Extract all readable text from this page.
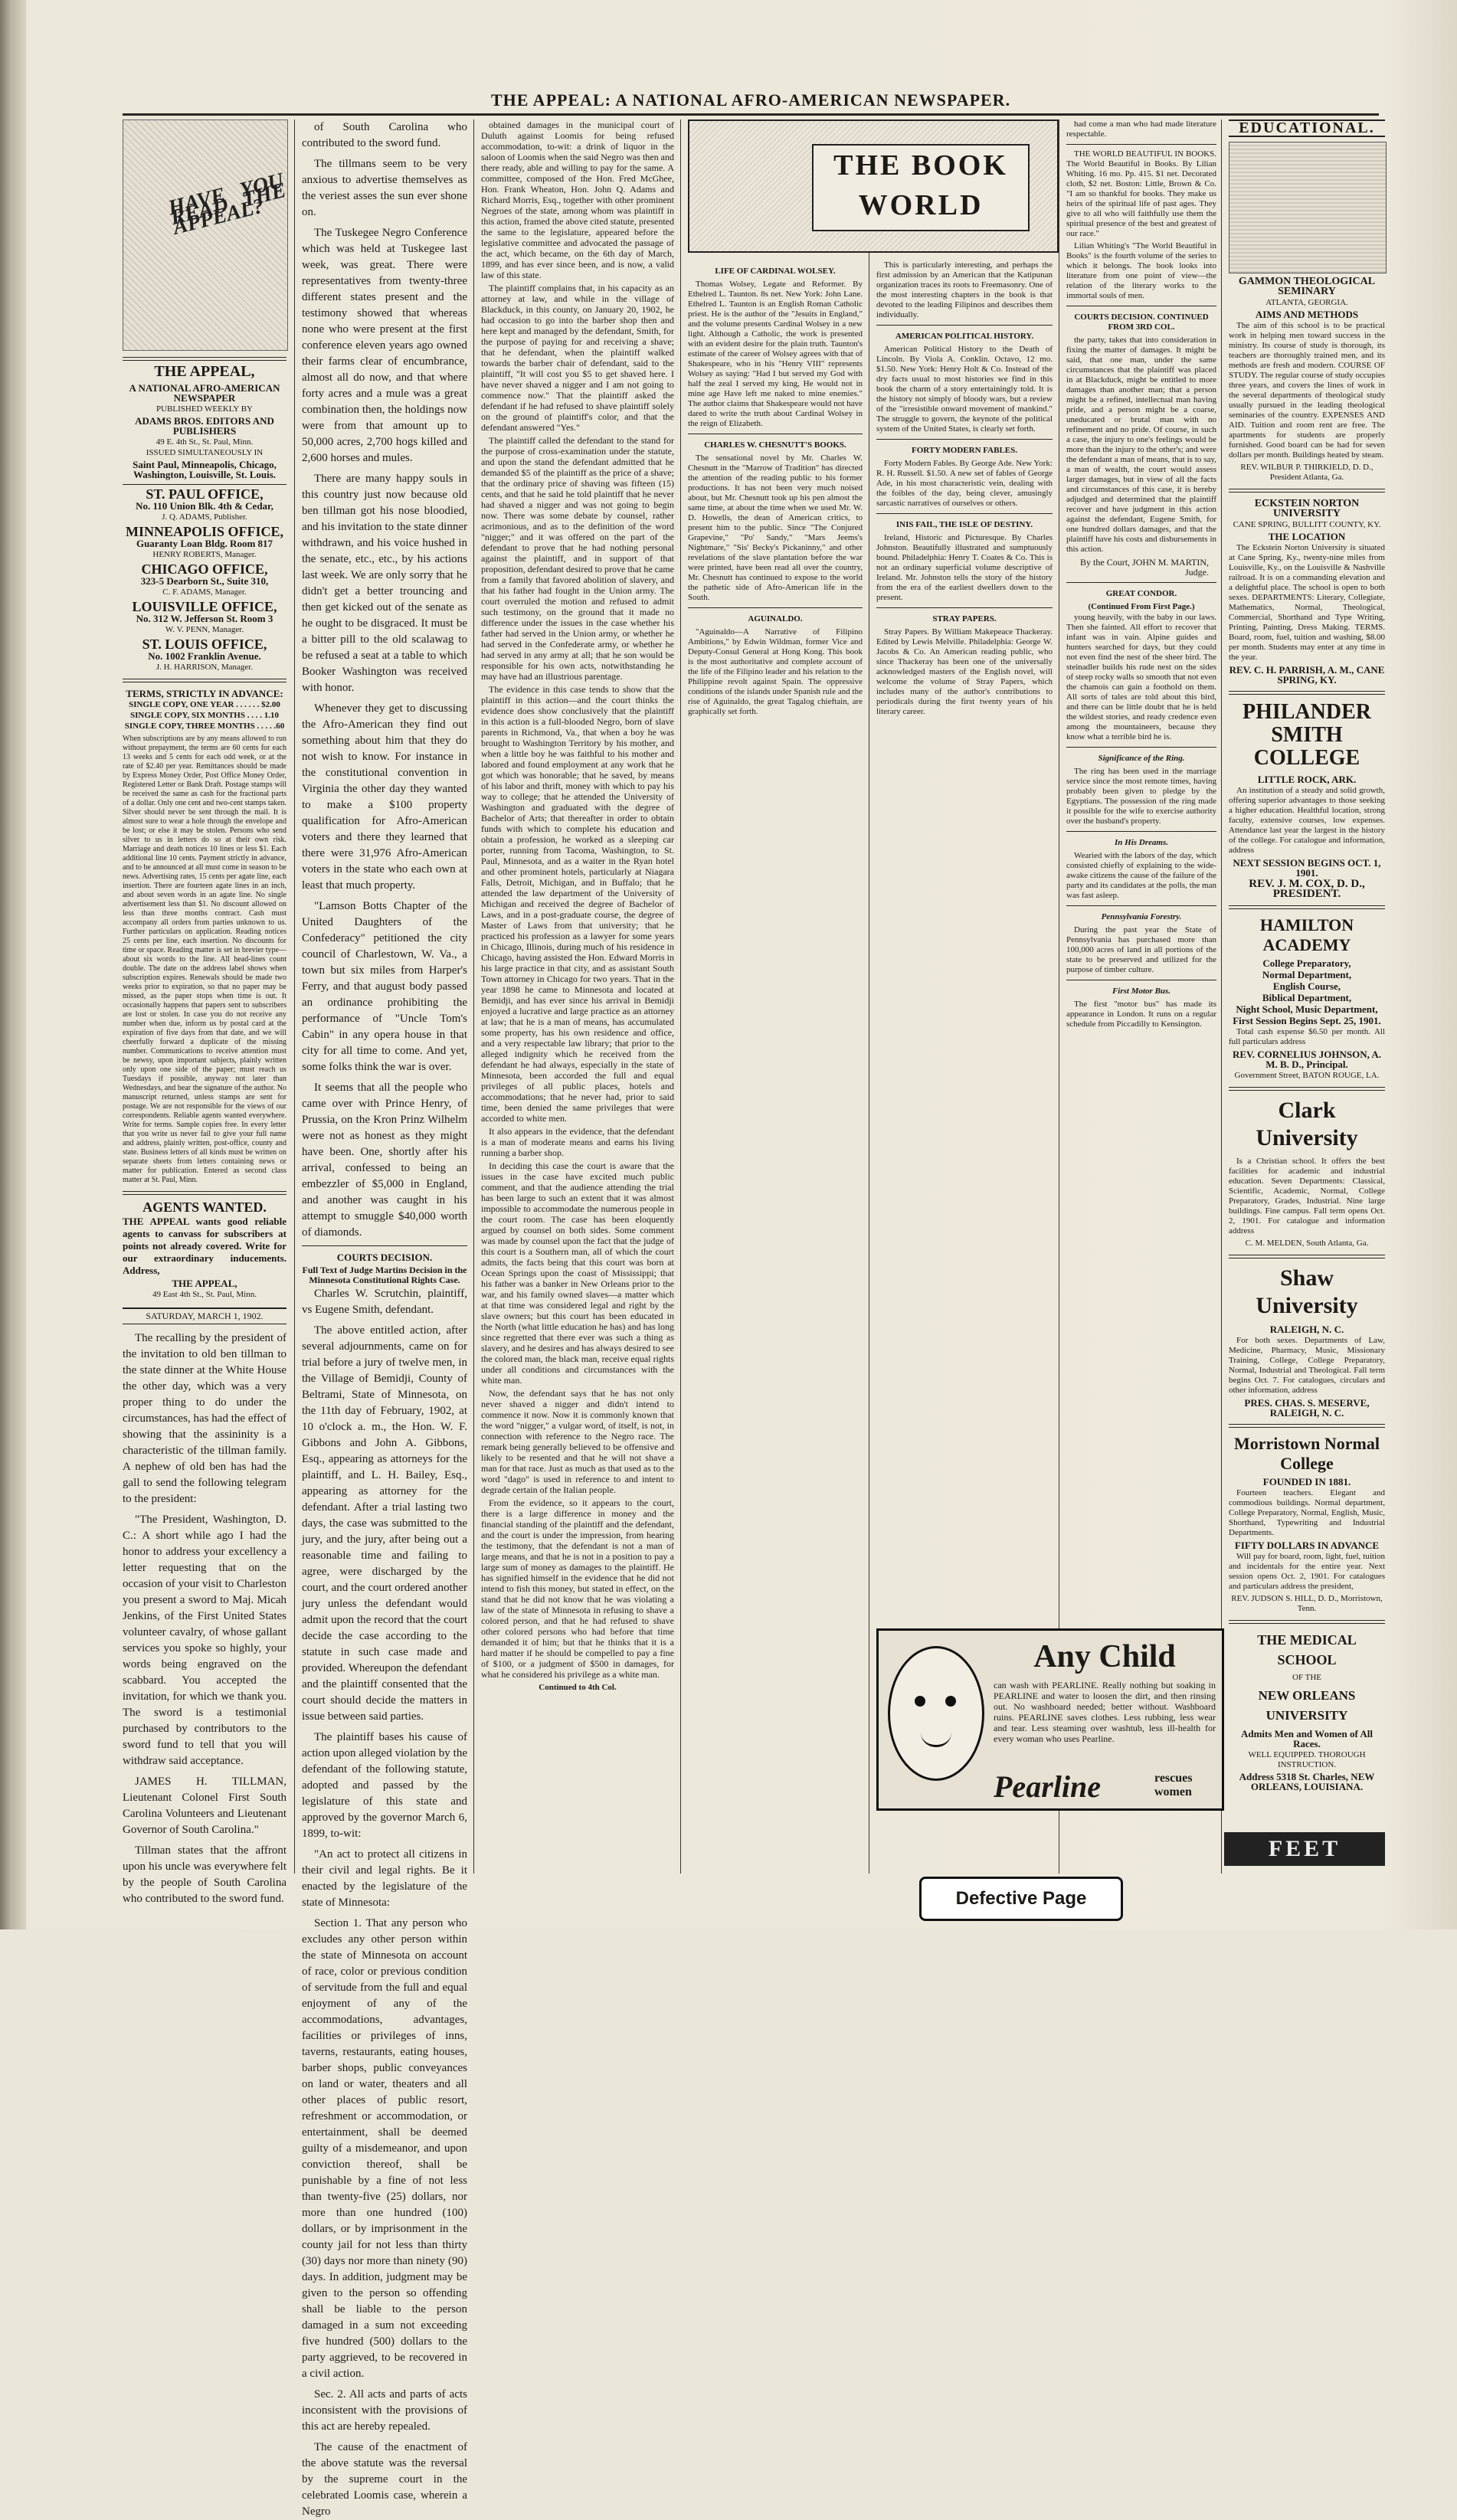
THE APPEAL: A NATIONAL AFRO-AMERICAN NEWSPAPER.
HAVE YOU READ THE APPEAL?
THE APPEAL,
A NATIONAL AFRO-AMERICAN NEWSPAPER
PUBLISHED WEEKLY BY
ADAMS BROS. EDITORS AND PUBLISHERS
49 E. 4th St., St. Paul, Minn.
ISSUED SIMULTANEOUSLY IN
Saint Paul, Minneapolis, Chicago, Washington, Louisville, St. Louis.
ST. PAUL OFFICE,
No. 110 Union Blk. 4th & Cedar,
J. Q. ADAMS, Publisher.
MINNEAPOLIS OFFICE,
Guaranty Loan Bldg. Room 817
HENRY ROBERTS, Manager.
CHICAGO OFFICE,
323-5 Dearborn St., Suite 310,
C. F. ADAMS, Manager.
LOUISVILLE OFFICE,
No. 312 W. Jefferson St. Room 3
W. V. PENN, Manager.
ST. LOUIS OFFICE,
No. 1002 Franklin Avenue.
J. H. HARRISON, Manager.
TERMS, STRICTLY IN ADVANCE:
SINGLE COPY, ONE YEAR . . . . . . $2.00
SINGLE COPY, SIX MONTHS . . . . 1.10
SINGLE COPY, THREE MONTHS . . . . .60
When subscriptions are by any means allowed to run without prepayment, the terms are 60 cents for each 13 weeks and 5 cents for each odd week, or at the rate of $2.40 per year. Remittances should be made by Express Money Order, Post Office Money Order, Registered Letter or Bank Draft. Postage stamps will be received the same as cash for the fractional parts of a dollar. Only one cent and two-cent stamps taken. Silver should never be sent through the mail. It is almost sure to wear a hole through the envelope and be lost; or else it may be stolen. Persons who send silver to us in letters do so at their own risk. Marriage and death notices 10 lines or less $1. Each additional line 10 cents. Payment strictly in advance, and to be announced at all must come in season to be news. Advertising rates, 15 cents per agate line, each insertion. There are fourteen agate lines in an inch, and about seven words in an agate line. No single advertisement less than $1. No discount allowed on less than three months contract. Cash must accompany all orders from parties unknown to us. Further particulars on application. Reading notices 25 cents per line, each insertion. No discounts for time or space. Reading matter is set in brevier type—about six words to the line. All head-lines count double. The date on the address label shows when subscription expires. Renewals should be made two weeks prior to expiration, so that no paper may be missed, as the paper stops when time is out. It occasionally happens that papers sent to subscribers are lost or stolen. In case you do not receive any number when due, inform us by postal card at the expiration of five days from that date, and we will cheerfully forward a duplicate of the missing number. Communications to receive attention must be newsy, upon important subjects, plainly written only upon one side of the paper; must reach us Tuesdays if possible, anyway not later than Wednesdays, and bear the signature of the author. No manuscript returned, unless stamps are sent for postage. We are not responsible for the views of our correspondents. Reliable agents wanted everywhere. Write for terms. Sample copies free. In every letter that you write us never fail to give your full name and address, plainly written, post-office, county and state. Business letters of all kinds must be written on separate sheets from letters containing news or matter for publication. Entered as second class matter at St. Paul, Minn.
AGENTS WANTED.
THE APPEAL wants good reliable agents to canvass for subscribers at points not already covered. Write for our extraordinary inducements. Address,
THE APPEAL,
49 East 4th St., St. Paul, Minn.
SATURDAY, MARCH 1, 1902.

The recalling by the president of the invitation to old ben tillman to the state dinner at the White House the other day, which was a very proper thing to do under the circumstances, has had the effect of showing that the assininity is a characteristic of the tillman family. A nephew of old ben has had the gall to send the following telegram to the president:

"The President, Washington, D. C.: A short while ago I had the honor to address your excellency a letter requesting that on the occasion of your visit to Charleston you present a sword to Maj. Micah Jenkins, of the First United States volunteer cavalry, of whose gallant services you spoke so highly, your words being engraved on the scabbard. You accepted the invitation, for which we thank you. The sword is a testimonial purchased by contributors to the sword fund to tell that you will withdraw said acceptance.

JAMES H. TILLMAN, Lieutenant Colonel First South Carolina Volunteers and Lieutenant Governor of South Carolina."

Tillman states that the affront upon his uncle was everywhere felt by the people of South Carolina who contributed to the sword fund.

of South Carolina who contributed to the sword fund.

The tillmans seem to be very anxious to advertise themselves as the veriest asses the sun ever shone on.

The Tuskegee Negro Conference which was held at Tuskegee last week, was great. There were representatives from twenty-three different states present and the testimony showed that whereas none who were present at the first conference eleven years ago owned their farms clear of encumbrance, almost all do now, and that where forty acres and a mule was a great combination then, the holdings now were from that amount up to 50,000 acres, 2,700 hogs killed and 2,600 horses and mules.

There are many happy souls in this country just now because old ben tillman got his nose bloodied, and his invitation to the state dinner withdrawn, and his voice hushed in the senate, etc., etc., by his actions last week. We are only sorry that he didn't get a better trouncing and then get kicked out of the senate as he ought to be disgraced. It must be a bitter pill to the old scalawag to be refused a seat at a table to which Booker Washington was received with honor.

Whenever they get to discussing the Afro-American they find out something about him that they do not wish to know. For instance in the constitutional convention in Virginia the other day they wanted to make a $100 property qualification for Afro-American voters and there they learned that there were 31,976 Afro-American voters in the state who each own at least that much property.

"Lamson Botts Chapter of the United Daughters of the Confederacy" petitioned the city council of Charlestown, W. Va., a town but six miles from Harper's Ferry, and that august body passed an ordinance prohibiting the performance of "Uncle Tom's Cabin" in any opera house in that city for all time to come. And yet, some folks think the war is over.

It seems that all the people who came over with Prince Henry, of Prussia, on the Kron Prinz Wilhelm were not as honest as they might have been. One, shortly after his arrival, confessed to being an embezzler of $5,000 in England, and another was caught in his attempt to smuggle $40,000 worth of diamonds.

COURTS DECISION.
Full Text of Judge Martins Decision in the Minnesota Constitutional Rights Case.

Charles W. Scrutchin, plaintiff, vs Eugene Smith, defendant.

The above entitled action, after several adjournments, came on for trial before a jury of twelve men, in the Village of Bemidji, County of Beltrami, State of Minnesota, on the 11th day of February, 1902, at 10 o'clock a. m., the Hon. W. F. Gibbons and John A. Gibbons, Esq., appearing as attorneys for the plaintiff, and L. H. Bailey, Esq., appearing as attorney for the defendant. After a trial lasting two days, the case was submitted to the jury, and the jury, after being out a reasonable time and failing to agree, were discharged by the court, and the court ordered another jury unless the defendant would admit upon the record that the court decide the case according to the statute in such case made and provided. Whereupon the defendant and the plaintiff consented that the court should decide the matters in issue between said parties.

The plaintiff bases his cause of action upon alleged violation by the defendant of the following statute, adopted and passed by the legislature of this state and approved by the governor March 6, 1899, to-wit:

"An act to protect all citizens in their civil and legal rights. Be it enacted by the legislature of the state of Minnesota:

Section 1. That any person who excludes any other person within the state of Minnesota on account of race, color or previous condition of servitude from the full and equal enjoyment of any of the accommodations, advantages, facilities or privileges of inns, taverns, restaurants, eating houses, barber shops, public conveyances on land or water, theaters and all other places of public resort, refreshment or accommodation, or entertainment, shall be deemed guilty of a misdemeanor, and upon conviction thereof, shall be punishable by a fine of not less than twenty-five (25) dollars, nor more than one hundred (100) dollars, or by imprisonment in the county jail for not less than thirty (30) days nor more than ninety (90) days. In addition, judgment may be given to the person so offending shall be liable to the person damaged in a sum not exceeding five hundred (500) dollars to the party aggrieved, to be recovered in a civil action.

Sec. 2. All acts and parts of acts inconsistent with the provisions of this act are hereby repealed.

The cause of the enactment of the above statute was the reversal by the supreme court in the celebrated Loomis case, wherein a Negro

obtained damages in the municipal court of Duluth against Loomis for being refused accommodation, to-wit: a drink of liquor in the saloon of Loomis when the said Negro was then and there ready, able and willing to pay for the same. A committee, composed of the Hon. Fred McGhee, Hon. Frank Wheaton, Hon. John Q. Adams and Richard Morris, Esq., together with other prominent Negroes of the state, among whom was plaintiff in this action, framed the above cited statute, presented the same to the legislature, appeared before the legislative committee and advocated the passage of the act, which became, on the 6th day of March, 1899, and has ever since been, and is now, a valid law of this state.

The plaintiff complains that, in his capacity as an attorney at law, and while in the village of Blackduck, in this county, on January 20, 1902, he had occasion to go into the barber shop then and here kept and managed by the defendant, Smith, for the purpose of paying for and receiving a shave; that he defendant, when the plaintiff walked towards the barber chair of defendant, said to the plaintiff, "It will cost you $5 to get shaved here. I have never shaved a nigger and I am not going to commence now." That the plaintiff asked the defendant if he had refused to shave plaintiff solely on the ground of plaintiff's color, and that the defendant answered "Yes."

The plaintiff called the defendant to the stand for the purpose of cross-examination under the statute, and upon the stand the defendant admitted that he demanded $5 of the plaintiff as the price of a shave; that the ordinary price of shaving was fifteen (15) cents, and that he said he told plaintiff that he never had shaved a nigger and was not going to begin now. There was some debate by counsel, rather acrimonious, and as to the definition of the word "nigger;" and it was offered on the part of the defendant to prove that he had nothing personal against the plaintiff, and in support of that proposition, defendant desired to prove that he came from a family that favored abolition of slavery, and that his father had fought in the Union army. The court overruled the motion and refused to admit such testimony, on the ground that it made no difference under the issues in the case whether his father had served in the Union army, or whether he had served in the Confederate army, or whether he had served in any army at all; that he son would be responsible for his own acts, notwithstanding he may have had an illustrious parentage.

The evidence in this case tends to show that the plaintiff in this action—and the court thinks the evidence does show conclusively that the plaintiff in this action is a full-blooded Negro, born of slave parents in Richmond, Va., that when a boy he was brought to Washington Territory by his mother, and when a little boy he was faithful to his mother and labored and found employment at any work that he got which was honorable; that he saved, by means of his labor and thrift, money with which to pay his way to college; that he attended the University of Washington and graduated with the degree of Bachelor of Arts; that thereafter in order to obtain funds with which to complete his education and obtain a profession, he worked as a sleeping car porter, running from Tacoma, Washington, to St. Paul, Minnesota, and as a waiter in the Ryan hotel and other prominent hotels, particularly at Niagara Falls, Detroit, Michigan, and in Buffalo; that he attended the law department of the University of Michigan and received the degree of Bachelor of Laws, and in a post-graduate course, the degree of Master of Laws from that university; that he practiced his profession as a lawyer for some years in Chicago, Illinois, during much of his residence in Chicago, having assisted the Hon. Edward Morris in his large practice in that city, and as assistant South Town attorney in Chicago for two years. That in the year 1898 he came to Minnesota and located at Bemidji, and has ever since his arrival in Bemidji enjoyed a lucrative and large practice as an attorney at law; that he is a man of means, has accumulated some property, has his own residence and office, and a very respectable law library; that prior to the alleged indignity which he received from the defendant he had always, especially in the state of Minnesota, been accorded the full and equal privileges of all public places, hotels and accommodations; that he never had, prior to said time, been denied the same privileges that were accorded to white men.

It also appears in the evidence, that the defendant is a man of moderate means and earns his living running a barber shop.

In deciding this case the court is aware that the issues in the case have excited much public comment, and that the audience attending the trial has been large to such an extent that it was almost impossible to accommodate the numerous people in the court room. The case has been eloquently argued by counsel on both sides. Some comment was made by counsel upon the fact that the judge of this court is a Southern man, all of which the court admits, the facts being that this court was born at Ocean Springs upon the coast of Mississippi; that his father was a banker in New Orleans prior to the war, and his family owned slaves—a matter which at that time was considered legal and right by the slave owners; but this court has been educated in the North (what little education he has) and has long since regretted that there ever was such a thing as slavery, and he desires and has always desired to see the colored man, the black man, receive equal rights under all conditions and circumstances with the white man.

Now, the defendant says that he has not only never shaved a nigger and didn't intend to commence it now. Now it is commonly known that the word "nigger," a vulgar word, of itself, is not, in connection with reference to the Negro race. The remark being generally believed to be offensive and likely to be resented and that he will not shave a man for that race. Just as much as that used as to the word "dago" is used in reference to and intent to degrade certain of the Italian people.

From the evidence, so it appears to the court, there is a large difference in money and the financial standing of the plaintiff and the defendant, and the court is under the impression, from hearing the testimony, that the defendant is not a man of large means, and that he is not in a position to pay a large sum of money as damages to the plaintiff. He has signified himself in the evidence that he did not intend to fish this money, but stated in effect, on the stand that he did not know that he was violating a law of the state of Minnesota in refusing to shave a colored person, and that he had refused to shave other colored persons who had before that time demanded it of him; but that he thinks that it is a hard matter if he should be compelled to pay a fine of $100, or a judgment of $500 in damages, for what he considered his privilege as a white man.

Continued to 4th Col.
THE BOOK WORLD
LIFE OF CARDINAL WOLSEY.

Thomas Wolsey, Legate and Reformer. By Ethelred L. Taunton. 8s net. New York: John Lane. Ethelred L. Taunton is an English Roman Catholic priest. He is the author of the "Jesuits in England," and the volume presents Cardinal Wolsey in a new light. Although a Catholic, the work is presented with an evident desire for the plain truth. Taunton's estimate of the career of Wolsey agrees with that of Shakespeare, who in his "Henry VIII" represents Wolsey as saying: "Had I but served my God with half the zeal I served my king, He would not in mine age Have left me naked to mine enemies." The author claims that Shakespeare would not have dared to write the truth about Cardinal Wolsey in the reign of Elizabeth.

CHARLES W. CHESNUTT'S BOOKS.

The sensational novel by Mr. Charles W. Chesnutt in the "Marrow of Tradition" has directed the attention of the reading public to his former productions. It has not been very much noised about, but Mr. Chesnutt took up his pen almost the same time, at about the time when we used Mr. W. D. Howells, the dean of American critics, to present him to the public. Since "The Conjured Grapevine," "Po' Sandy," "Mars Jeems's Nightmare," "Sis' Becky's Pickaninny," and other revelations of the slave plantation before the war were printed, have been read all over the country, Mr. Chesnutt has continued to expose to the world the pathetic side of Afro-American life in the South.

AGUINALDO.

"Aguinaldo—A Narrative of Filipino Ambitions," by Edwin Wildman, former Vice and Deputy-Consul General at Hong Kong. This book is the most authoritative and complete account of the life of the Filipino leader and his relation to the Philippine revolt against Spain. The oppressive conditions of the islands under Spanish rule and the rise of Aguinaldo, the great Tagalog chieftain, are graphically set forth.

This is particularly interesting, and perhaps the first admission by an American that the Katipunan organization traces its roots to Freemasonry. One of the most interesting chapters in the book is that devoted to the leading Filipinos and describes them individually.

AMERICAN POLITICAL HISTORY.

American Political History to the Death of Lincoln. By Viola A. Conklin. Octavo, 12 mo. $1.50. New York: Henry Holt & Co. Instead of the dry facts usual to most histories we find in this book the charm of a story entertainingly told. It is the history not simply of bloody wars, but a review of the "irresistible onward movement of mankind." The struggle to govern, the keynote of the political system of the United States, is clearly set forth.

FORTY MODERN FABLES.

Forty Modern Fables. By George Ade. New York: R. H. Russell. $1.50. A new set of fables of George Ade, in his most characteristic vein, dealing with the foibles of the day, being clever, amusingly sarcastic narratives of ourselves or others.

INIS FAIL, THE ISLE OF DESTINY.

Ireland, Historic and Picturesque. By Charles Johnston. Beautifully illustrated and sumptuously bound. Philadelphia: Henry T. Coates & Co. This is not an ordinary superficial volume descriptive of Ireland. Mr. Johnston tells the story of the history from the era of the earliest dwellers down to the present.

STRAY PAPERS.

Stray Papers. By William Makepeace Thackeray. Edited by Lewis Melville. Philadelphia: George W. Jacobs & Co. An American reading public, who since Thackeray has been one of the universally acknowledged masters of the English novel, will welcome the volume of Stray Papers, which includes many of the author's contributions to periodicals during the first twenty years of his literary career.

had come a man who had made literature respectable.

THE WORLD BEAUTIFUL IN BOOKS. The World Beautiful in Books. By Lilian Whiting. 16 mo. Pp. 415. $1 net. Decorated cloth, $2 net. Boston: Little, Brown & Co. "I am so thankful for books. They make us heirs of the spiritual life of past ages. They give to all who will faithfully use them the spiritual presence of the best and greatest of our race."

Lilian Whiting's "The World Beautiful in Books" is the fourth volume of the series to which it belongs. The book looks into literature from one point of view—the relation of the literary works to the immortal souls of men.

COURTS DECISION. CONTINUED FROM 3RD COL.

the party, takes that into consideration in fixing the matter of damages. It might be said, that one man, under the same circumstances that the plaintiff was placed in at Blackduck, might be entitled to more damages than another man; that a person might be a refined, intellectual man having pride, and a person might be a coarse, uneducated or brutal man with no refinement and no pride. Of course, in such a case, the injury to one's feelings would be more than the injury to the other's; and were the defendant a man of means, that is to say, a man of wealth, the court would assess larger damages, but in view of all the facts and circumstances of this case, it is hereby adjudged and determined that the plaintiff recover and have judgment in this action against the defendant, Eugene Smith, for one hundred dollars damages, and that the plaintiff have his costs and disbursements in this action.

By the Court, JOHN M. MARTIN, Judge.
GREAT CONDOR.
(Continued From First Page.)

young heavily, with the baby in our laws. Then she fainted. All effort to recover that infant was in vain. Alpine guides and hunters searched for days, but they could not even find the nest of the sheer bird. The steinadler builds his rude nest on the sides of steep rocky walls so smooth that not even the chamois can gain a foothold on them. All sorts of tales are told about this bird, and there can be little doubt that he is held the wildest stories, and ready credence even among the mountaineers, because they know what a terrible bird he is.

Significance of the Ring.

The ring has been used in the marriage service since the most remote times, having probably been given to pledge by the Egyptians. The possession of the ring made it possible for the wife to exercise authority over the husband's property.

In His Dreams.

Wearied with the labors of the day, which consisted chiefly of explaining to the wide-awake citizens the cause of the failure of the party and its candidates at the polls, the man was fast asleep.

Pennsylvania Forestry.

During the past year the State of Pennsylvania has purchased more than 100,000 acres of land in all portions of the state to be preserved and utilized for the purpose of timber culture.

First Motor Bus.

The first "motor bus" has made its appearance in London. It runs on a regular schedule from Piccadilly to Kensington.

EDUCATIONAL.
GAMMON THEOLOGICAL SEMINARY
ATLANTA, GEORGIA.
AIMS AND METHODS

The aim of this school is to be practical work in helping men toward success in the ministry. Its course of study is thorough, its teachers are thoroughly trained men, and its methods are fresh and modern. COURSE OF STUDY. The regular course of study occupies three years, and covers the lines of work in the several departments of theological study usually pursued in the leading theological seminaries of the country. EXPENSES AND AID. Tuition and room rent are free. The apartments for students are properly furnished. Good board can be had for seven dollars per month. Buildings heated by steam.

REV. WILBUR P. THIRKIELD, D. D., President Atlanta, Ga.
ECKSTEIN NORTON UNIVERSITY
CANE SPRING, BULLITT COUNTY, KY.
THE LOCATION

The Eckstein Norton University is situated at Cane Spring, Ky., twenty-nine miles from Louisville, Ky., on the Louisville & Nashville railroad. It is on a commanding elevation and a delightful place. The school is open to both sexes. DEPARTMENTS: Literary, Collegiate, Mathematics, Normal, Theological, Commercial, Shorthand and Type Writing, Printing, Painting, Dress Making. TERMS. Board, room, fuel, tuition and washing, $8.00 per month. Students may enter at any time in the year.

REV. C. H. PARRISH, A. M., CANE SPRING, KY.
PHILANDER SMITH COLLEGE
LITTLE ROCK, ARK.

An institution of a steady and solid growth, offering superior advantages to those seeking a higher education. Healthful location, strong faculty, extensive courses, low expenses. Attendance last year the largest in the history of the college. For catalogue and information, address

NEXT SESSION BEGINS OCT. 1, 1901.
REV. J. M. COX, D. D., PRESIDENT.
HAMILTON ACADEMY
College Preparatory,
Normal Department,
English Course,
Biblical Department,
Night School, Music Department,
First Session Begins Sept. 25, 1901.

Total cash expense $6.50 per month. All full particulars address

REV. CORNELIUS JOHNSON, A. M. B. D., Principal.
Government Street, BATON ROUGE, LA.
Clark University

Is a Christian school. It offers the best facilities for academic and industrial education. Seven Departments: Classical, Scientific, Academic, Normal, College Preparatory, Grades, Industrial. Nine large buildings. Fine campus. Fall term opens Oct. 2, 1901. For catalogue and information address

C. M. MELDEN, South Atlanta, Ga.
Shaw University
RALEIGH, N. C.

For both sexes. Departments of Law, Medicine, Pharmacy, Music, Missionary Training, College, College Preparatory, Normal, Industrial and Theological. Fall term begins Oct. 7. For catalogues, circulars and other information, address

PRES. CHAS. S. MESERVE, RALEIGH, N. C.
Morristown Normal College
FOUNDED IN 1881.

Fourteen teachers. Elegant and commodious buildings. Normal department, College Preparatory, Normal, English, Music, Shorthand, Typewriting and Industrial Departments.

FIFTY DOLLARS IN ADVANCE

Will pay for board, room, light, fuel, tuition and incidentals for the entire year. Next session opens Oct. 2, 1901. For catalogues and particulars address the president,

REV. JUDSON S. HILL, D. D., Morristown, Tenn.
THE MEDICAL SCHOOL
OF THE
NEW ORLEANS UNIVERSITY
Admits Men and Women of All Races.
WELL EQUIPPED. THOROUGH INSTRUCTION.
Address 5318 St. Charles, NEW ORLEANS, LOUISIANA.
Any Child
can wash with PEARLINE. Really nothing but soaking in PEARLINE and water to loosen the dirt, and then rinsing out. No washboard needed; better without. Washboard ruins. PEARLINE saves clothes. Less rubbing, less wear and tear. Less steaming over washtub, less ill-health for every woman who uses Pearline.
Pearline	rescues women
FEET
Defective Page
